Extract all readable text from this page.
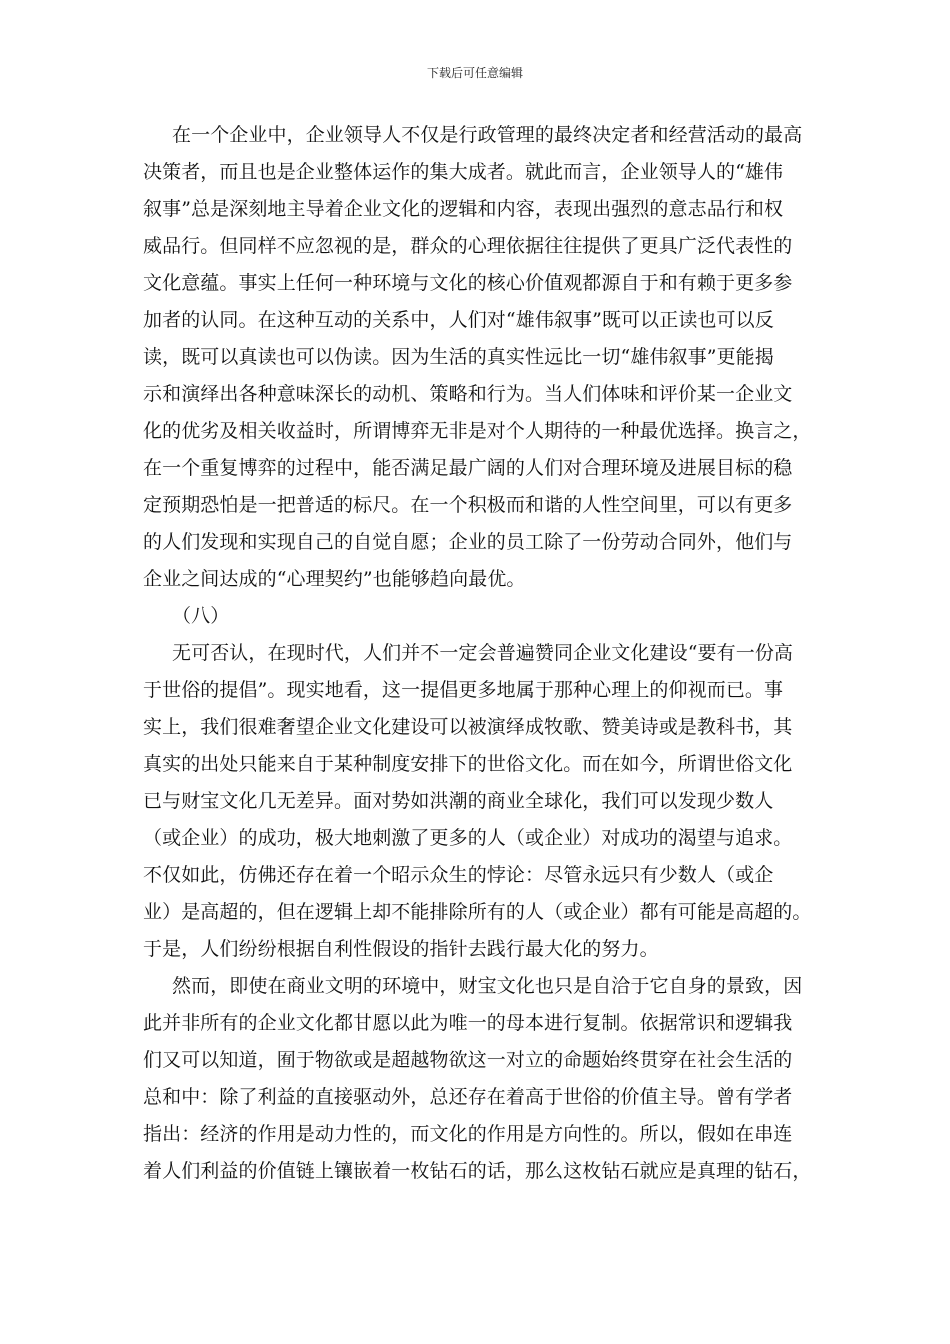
下载后可任意编辑
在一个企业中，企业领导人不仅是行政管理的最终决定者和经营活动的最高
决策者，而且也是企业整体运作的集大成者。就此而言，企业领导人的“雄伟
叙事”总是深刻地主导着企业文化的逻辑和内容，表现出强烈的意志品行和权
威品行。但同样不应忽视的是，群众的心理依据往往提供了更具广泛代表性的
文化意蕴。事实上任何一种环境与文化的核心价值观都源自于和有赖于更多参
加者的认同。在这种互动的关系中，人们对“雄伟叙事”既可以正读也可以反
读，既可以真读也可以伪读。因为生活的真实性远比一切“雄伟叙事”更能揭
示和演绎出各种意味深长的动机、策略和行为。当人们体味和评价某一企业文
化的优劣及相关收益时，所谓博弈无非是对个人期待的一种最优选择。换言之，
在一个重复博弈的过程中，能否满足最广阔的人们对合理环境及进展目标的稳
定预期恐怕是一把普适的标尺。在一个积极而和谐的人性空间里，可以有更多
的人们发现和实现自己的自觉自愿；企业的员工除了一份劳动合同外，他们与
企业之间达成的“心理契约”也能够趋向最优。
（八）
无可否认，在现时代，人们并不一定会普遍赞同企业文化建设“要有一份高
于世俗的提倡”。现实地看，这一提倡更多地属于那种心理上的仰视而已。事
实上，我们很难奢望企业文化建设可以被演绎成牧歌、赞美诗或是教科书，其
真实的出处只能来自于某种制度安排下的世俗文化。而在如今，所谓世俗文化
已与财宝文化几无差异。面对势如洪潮的商业全球化，我们可以发现少数人
（或企业）的成功，极大地刺激了更多的人（或企业）对成功的渴望与追求。
不仅如此，仿佛还存在着一个昭示众生的悖论：尽管永远只有少数人（或企
业）是高超的，但在逻辑上却不能排除所有的人（或企业）都有可能是高超的。
于是，人们纷纷根据自利性假设的指针去践行最大化的努力。
然而，即使在商业文明的环境中，财宝文化也只是自洽于它自身的景致，因
此并非所有的企业文化都甘愿以此为唯一的母本进行复制。依据常识和逻辑我
们又可以知道，囿于物欲或是超越物欲这一对立的命题始终贯穿在社会生活的
总和中：除了利益的直接驱动外，总还存在着高于世俗的价值主导。曾有学者
指出：经济的作用是动力性的，而文化的作用是方向性的。所以，假如在串连
着人们利益的价值链上镶嵌着一枚钻石的话，那么这枚钻石就应是真理的钻石，
